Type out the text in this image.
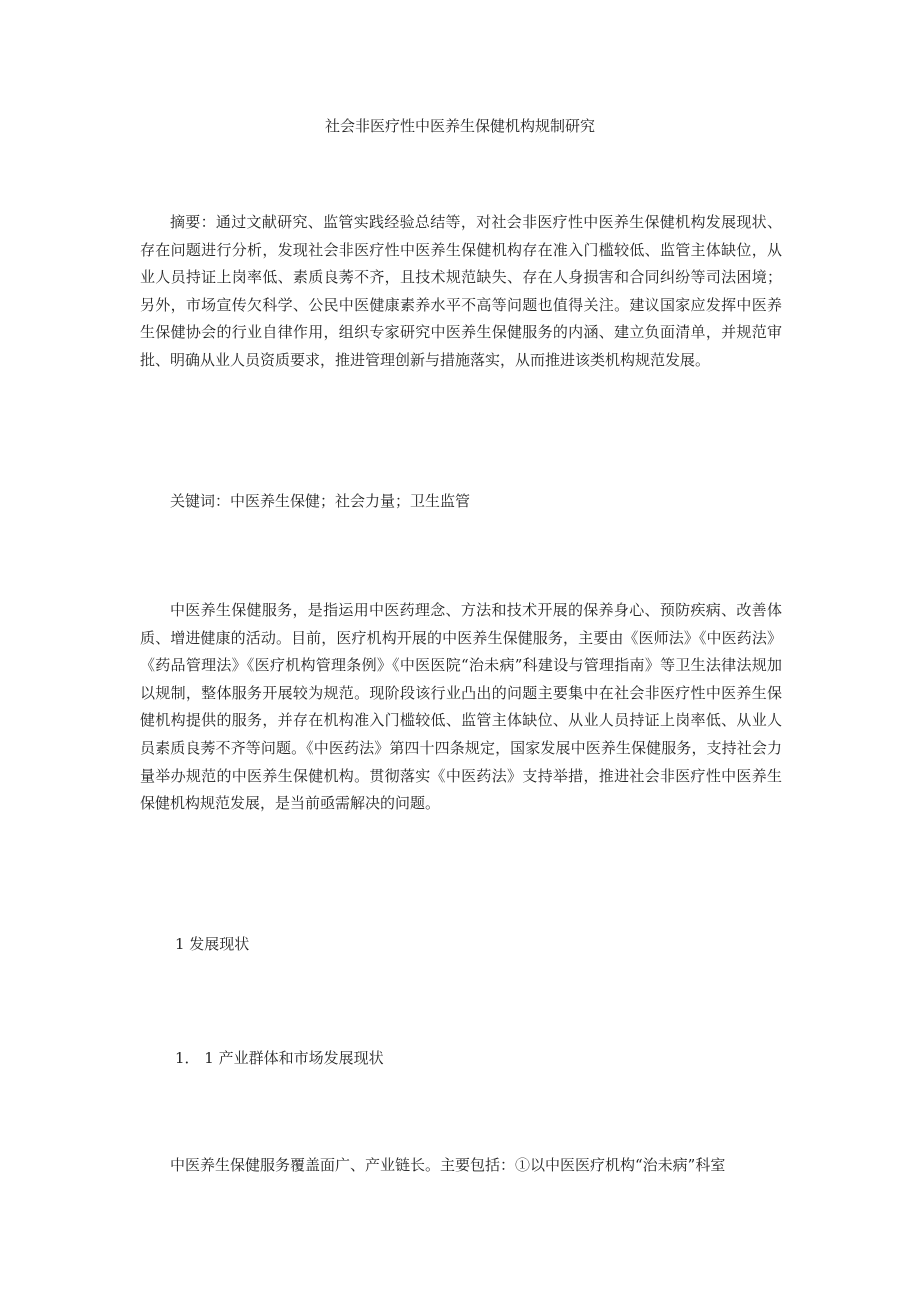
社会非医疗性中医养生保健机构规制研究

摘要：通过文献研究、监管实践经验总结等，对社会非医疗性中医养生保健机构发展现状、存在问题进行分析，发现社会非医疗性中医养生保健机构存在准入门槛较低、监管主体缺位，从业人员持证上岗率低、素质良莠不齐，且技术规范缺失、存在人身损害和合同纠纷等司法困境；另外，市场宣传欠科学、公民中医健康素养水平不高等问题也值得关注。建议国家应发挥中医养生保健协会的行业自律作用，组织专家研究中医养生保健服务的内涵、建立负面清单，并规范审批、明确从业人员资质要求，推进管理创新与措施落实，从而推进该类机构规范发展。

关键词：中医养生保健；社会力量；卫生监管

中医养生保健服务，是指运用中医药理念、方法和技术开展的保养身心、预防疾病、改善体质、增进健康的活动。目前，医疗机构开展的中医养生保健服务，主要由《医师法》《中医药法》《药品管理法》《医疗机构管理条例》《中医医院“治未病”科建设与管理指南》等卫生法律法规加以规制，整体服务开展较为规范。现阶段该行业凸出的问题主要集中在社会非医疗性中医养生保健机构提供的服务，并存在机构准入门槛较低、监管主体缺位、从业人员持证上岗率低、从业人员素质良莠不齐等问题。《中医药法》第四十四条规定，国家发展中医养生保健服务，支持社会力量举办规范的中医养生保健机构。贯彻落实《中医药法》支持举措，推进社会非医疗性中医养生保健机构规范发展，是当前亟需解决的问题。

1 发展现状
1． 1 产业群体和市场发展现状

中医养生保健服务覆盖面广、产业链长。主要包括：①以中医医疗机构“治未病”科室
